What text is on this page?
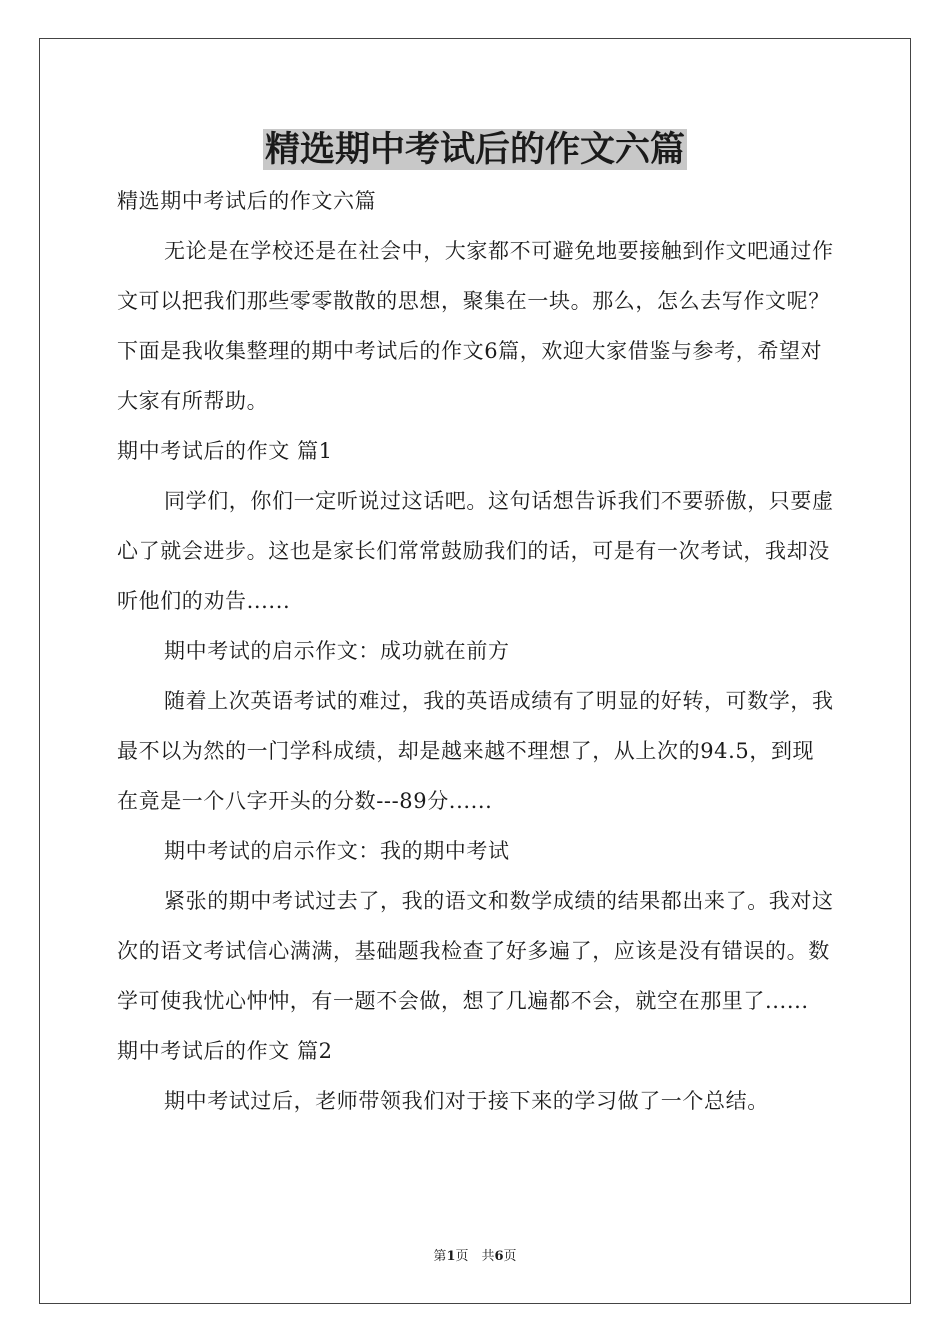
精选期中考试后的作文六篇

精选期中考试后的作文六篇

无论是在学校还是在社会中，大家都不可避免地要接触到作文吧通过作文可以把我们那些零零散散的思想，聚集在一块。那么，怎么去写作文呢？下面是我收集整理的期中考试后的作文6篇，欢迎大家借鉴与参考，希望对大家有所帮助。

期中考试后的作文 篇1

同学们，你们一定听说过这话吧。这句话想告诉我们不要骄傲，只要虚心了就会进步。这也是家长们常常鼓励我们的话，可是有一次考试，我却没听他们的劝告......

期中考试的启示作文：成功就在前方

随着上次英语考试的难过，我的英语成绩有了明显的好转，可数学，我最不以为然的一门学科成绩，却是越来越不理想了，从上次的94.5，到现在竟是一个八字开头的分数---89分......

期中考试的启示作文：我的期中考试

紧张的期中考试过去了，我的语文和数学成绩的结果都出来了。我对这次的语文考试信心满满，基础题我检查了好多遍了，应该是没有错误的。数学可使我忧心忡忡，有一题不会做，想了几遍都不会，就空在那里了......

期中考试后的作文 篇2

期中考试过后，老师带领我们对于接下来的学习做了一个总结。

第1页　共6页
